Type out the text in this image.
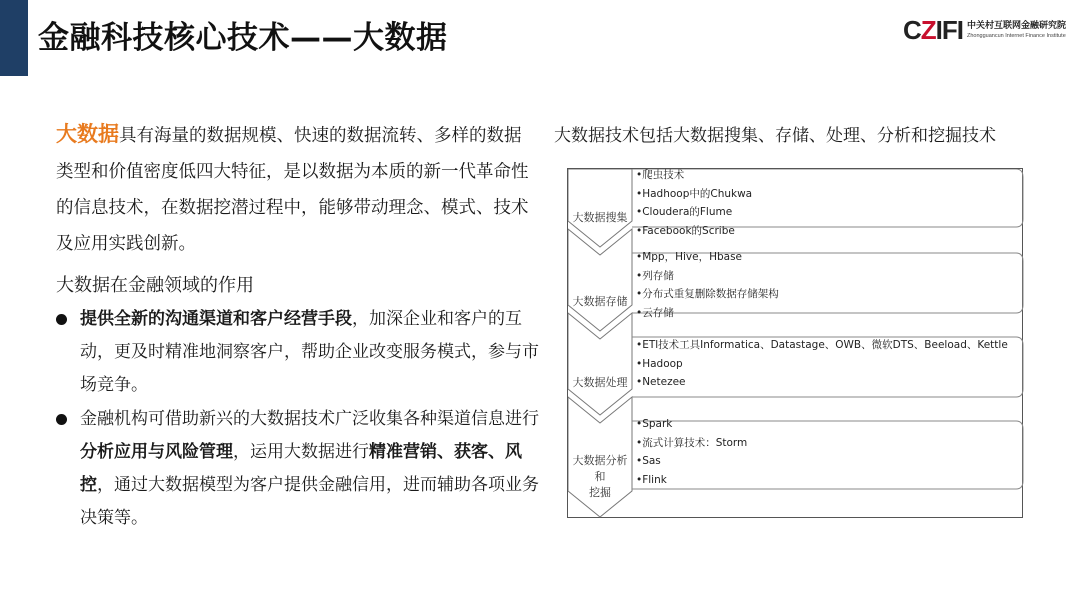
金融科技核心技术——大数据	CZIFI 中关村互联网金融研究院
Zhongguancun Internet Finance Institute
大数据具有海量的数据规模、快速的数据流转、多样的数据类型和价值密度低四大特征，是以数据为本质的新一代革命性的信息技术，在数据挖潜过程中，能够带动理念、模式、技术及应用实践创新。
大数据在金融领域的作用
提供全新的沟通渠道和客户经营手段，加深企业和客户的互动，更及时精准地洞察客户，帮助企业改变服务模式，参与市场竞争。
金融机构可借助新兴的大数据技术广泛收集各种渠道信息进行分析应用与风险管理，运用大数据进行精准营销、获客、风控，通过大数据模型为客户提供金融信用，进而辅助各项业务决策等。
大数据技术包括大数据搜集、存储、处理、分析和挖掘技术
大数据搜集
•爬虫技术
•Hadhoop中的Chukwa
•Cloudera的Flume
•Facebook的Scribe
大数据存储
•Mpp，Hive，Hbase
•列存储
•分布式重复删除数据存储架构
•云存储
大数据处理
•ETl技术工具Informatica、Datastage、OWB、微软DTS、Beeload、Kettle
•Hadoop
•Netezee
大数据分析和
挖掘
•Spark
•流式计算技术：Storm
•Sas
•Flink
